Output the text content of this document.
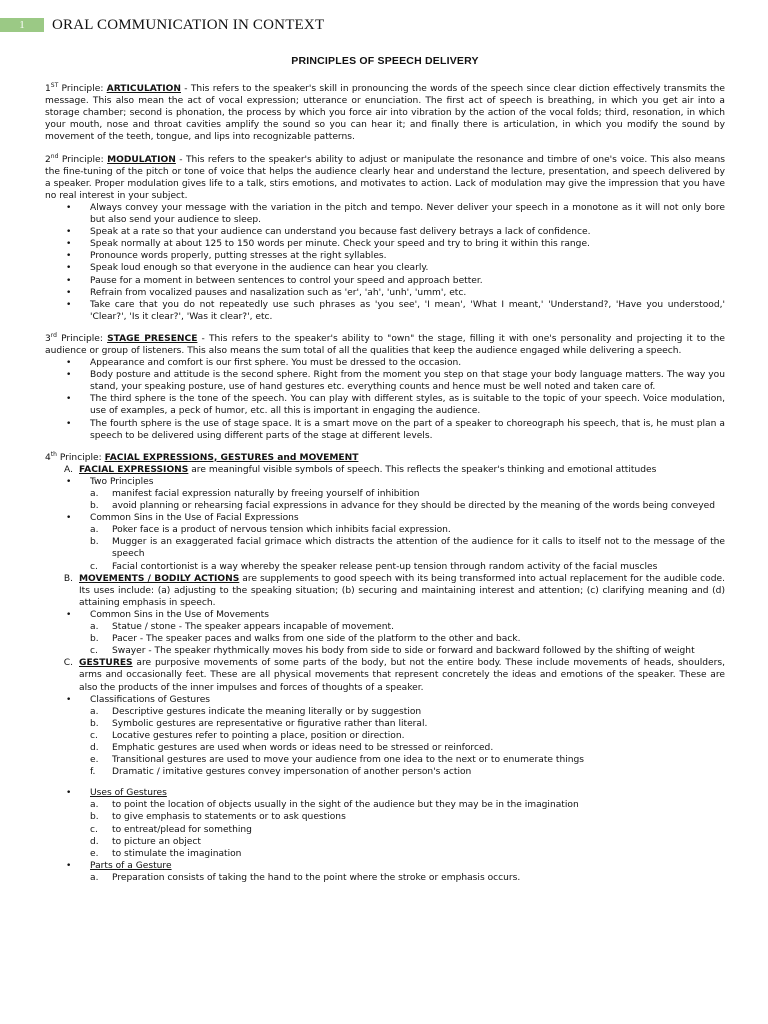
1	ORAL COMMUNICATION IN CONTEXT
PRINCIPLES OF SPEECH DELIVERY

1ST Principle: ARTICULATION - This refers to the speaker's skill in pronouncing the words of the speech since clear diction effectively transmits the message. This also mean the act of vocal expression; utterance or enunciation. The first act of speech is breathing, in which you get air into a storage chamber; second is phonation, the process by which you force air into vibration by the action of the vocal folds; third, resonation, in which your mouth, nose and throat cavities amplify the sound so you can hear it; and finally there is articulation, in which you modify the sound by movement of the teeth, tongue, and lips into recognizable patterns.

2nd Principle: MODULATION - This refers to the speaker's ability to adjust or manipulate the resonance and timbre of one's voice. This also means the fine-tuning of the pitch or tone of voice that helps the audience clearly hear and understand the lecture, presentation, and speech delivered by a speaker. Proper modulation gives life to a talk, stirs emotions, and motivates to action. Lack of modulation may give the impression that you have no real interest in your subject.

• Always convey your message with the variation in the pitch and tempo. Never deliver your speech in a monotone as it will not only bore but also send your audience to sleep.
• Speak at a rate so that your audience can understand you because fast delivery betrays a lack of confidence.
• Speak normally at about 125 to 150 words per minute. Check your speed and try to bring it within this range.
• Pronounce words properly, putting stresses at the right syllables.
• Speak loud enough so that everyone in the audience can hear you clearly.
• Pause for a moment in between sentences to control your speed and approach better.
• Refrain from vocalized pauses and nasalization such as 'er', 'ah', 'unh', 'umm', etc.
• Take care that you do not repeatedly use such phrases as 'you see', 'I mean', 'What I meant,' 'Understand?, 'Have you understood,' 'Clear?', 'Is it clear?', 'Was it clear?', etc.

3rd Principle: STAGE PRESENCE - This refers to the speaker's ability to "own" the stage, filling it with one's personality and projecting it to the audience or group of listeners. This also means the sum total of all the qualities that keep the audience engaged while delivering a speech.

• Appearance and comfort is our first sphere. You must be dressed to the occasion.
• Body posture and attitude is the second sphere. Right from the moment you step on that stage your body language matters. The way you stand, your speaking posture, use of hand gestures etc. everything counts and hence must be well noted and taken care of.
• The third sphere is the tone of the speech. You can play with different styles, as is suitable to the topic of your speech. Voice modulation, use of examples, a peck of humor, etc. all this is important in engaging the audience.
• The fourth sphere is the use of stage space. It is a smart move on the part of a speaker to choreograph his speech, that is, he must plan a speech to be delivered using different parts of the stage at different levels.

4th Principle: FACIAL EXPRESSIONS, GESTURES and MOVEMENT

A. FACIAL EXPRESSIONS are meaningful visible symbols of speech. This reflects the speaker's thinking and emotional attitudes
• Two Principles
a. manifest facial expression naturally by freeing yourself of inhibition
b. avoid planning or rehearsing facial expressions in advance for they should be directed by the meaning of the words being conveyed
• Common Sins in the Use of Facial Expressions
a. Poker face is a product of nervous tension which inhibits facial expression.
b. Mugger is an exaggerated facial grimace which distracts the attention of the audience for it calls to itself not to the message of the speech
c. Facial contortionist is a way whereby the speaker release pent-up tension through random activity of the facial muscles
B. MOVEMENTS / BODILY ACTIONS are supplements to good speech with its being transformed into actual replacement for the audible code. Its uses include: (a) adjusting to the speaking situation; (b) securing and maintaining interest and attention; (c) clarifying meaning and (d) attaining emphasis in speech.
• Common Sins in the Use of Movements
a. Statue / stone - The speaker appears incapable of movement.
b. Pacer - The speaker paces and walks from one side of the platform to the other and back.
c. Swayer - The speaker rhythmically moves his body from side to side or forward and backward followed by the shifting of weight
C. GESTURES are purposive movements of some parts of the body, but not the entire body. These include movements of heads, shoulders, arms and occasionally feet. These are all physical movements that represent concretely the ideas and emotions of the speaker. These are also the products of the inner impulses and forces of thoughts of a speaker.
• Classifications of Gestures
a. Descriptive gestures indicate the meaning literally or by suggestion
b. Symbolic gestures are representative or figurative rather than literal.
c. Locative gestures refer to pointing a place, position or direction.
d. Emphatic gestures are used when words or ideas need to be stressed or reinforced.
e. Transitional gestures are used to move your audience from one idea to the next or to enumerate things
f. Dramatic / imitative gestures convey impersonation of another person's action
• Uses of Gestures
a. to point the location of objects usually in the sight of the audience but they may be in the imagination
b. to give emphasis to statements or to ask questions
c. to entreat/plead for something
d. to picture an object
e. to stimulate the imagination
• Parts of a Gesture
a. Preparation consists of taking the hand to the point where the stroke or emphasis occurs.
